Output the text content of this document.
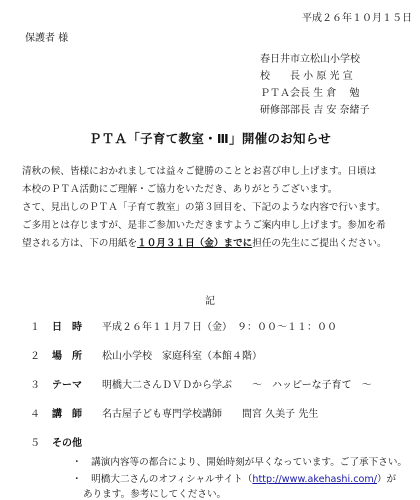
平成２６年１０月１５日
保護者 様
春日井市立松山小学校
校　　長 小 原 光 宣
ＰＴＡ会長 生 倉　 勉
研修部部長 吉 安 奈緒子
ＰＴＡ「子育て教室・Ⅲ」開催のお知らせ
清秋の候、皆様におかれましては益々ご健勝のこととお喜び申し上げます。日頃は
本校のＰＴＡ活動にご理解・ご協力をいただき、ありがとうございます。
さて、見出しのＰＴＡ「子育て教室」の第３回目を、下記のような内容で行います。
ご多用とは存じますが、是非ご参加いただきますようご案内申し上げます。参加を希
望される方は、下の用紙を１０月３１日（金）までに担任の先生にご提出ください。
記
１ 日　時 平成２６年１１月７日（金）　９：００～１１：００
２ 場　所 松山小学校　家庭科室（本館４階）
３ テーマ 明橋大二さんＤＶＤから学ぶ　　～　ハッピーな子育て　～
４ 講　師 名古屋子ども専門学校講師　　間宮 久美子 先生
５ その他
・　講演内容等の都合により、開始時刻が早くなっています。ご了承下さい。
・　明橋大二さんのオフィシャルサイト（http://www.akehashi.com/）が
あります。参考にしてください。
